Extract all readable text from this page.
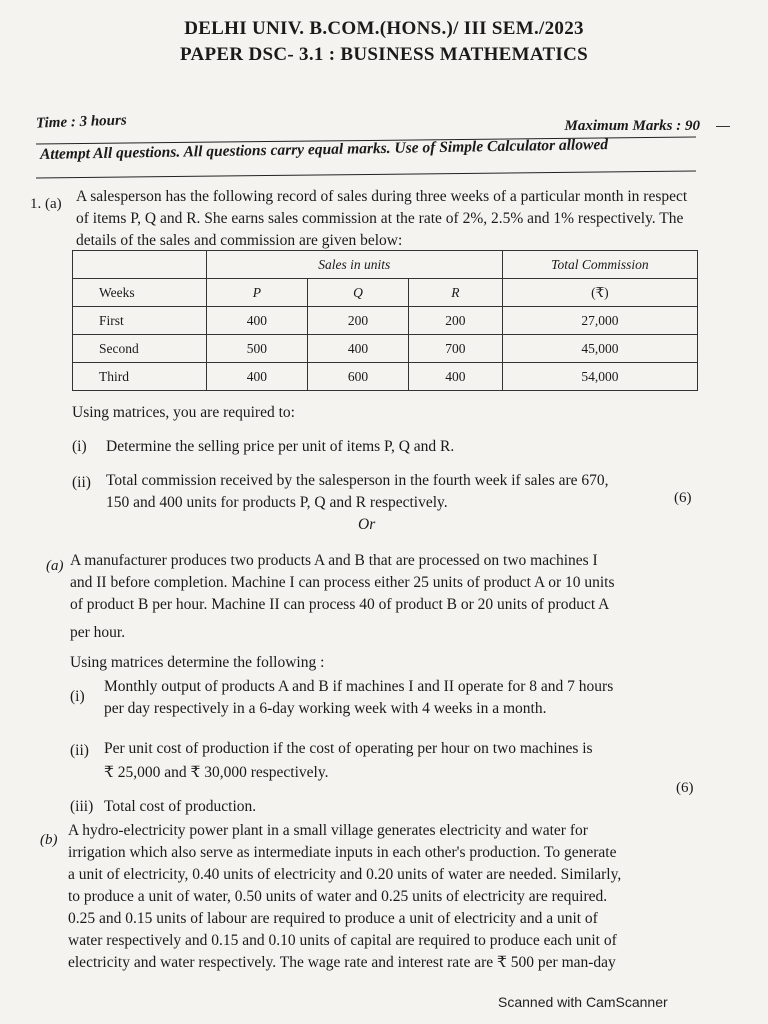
DELHI UNIV. B.COM.(HONS.)/ III SEM./2023
PAPER DSC- 3.1 : BUSINESS MATHEMATICS
Time : 3 hours	Maximum Marks : 90
Attempt All questions. All questions carry equal marks. Use of Simple Calculator allowed
1. (a) A salesperson has the following record of sales during three weeks of a particular month in respect of items P, Q and R. She earns sales commission at the rate of 2%, 2.5% and 1% respectively. The details of the sales and commission are given below:
	Sales in units			Total Commission
Weeks	P	Q	R	(₹)
First	400	200	200	27,000
Second	500	400	700	45,000
Third	400	600	400	54,000
Using matrices, you are required to:
(i) Determine the selling price per unit of items P, Q and R.
(ii) Total commission received by the salesperson in the fourth week if sales are 670,
150 and 400 units for products P, Q and R respectively.	(6)
Or
(a) A manufacturer produces two products A and B that are processed on two machines I
and II before completion. Machine I can process either 25 units of product A or 10 units
of product B per hour. Machine II can process 40 of product B or 20 units of product A
per hour.
Using matrices determine the following :
(i)
Monthly output of products A and B if machines I and II operate for 8 and 7 hours
per day respectively in a 6-day working week with 4 weeks in a month.
(ii) Per unit cost of production if the cost of operating per hour on two machines is
₹ 25,000 and ₹ 30,000 respectively.
(6)
(iii) Total cost of production.
(b)
A hydro-electricity power plant in a small village generates electricity and water for
irrigation which also serve as intermediate inputs in each other's production. To generate
a unit of electricity, 0.40 units of electricity and 0.20 units of water are needed. Similarly,
to produce a unit of water, 0.50 units of water and 0.25 units of electricity are required.
0.25 and 0.15 units of labour are required to produce a unit of electricity and a unit of
water respectively and 0.15 and 0.10 units of capital are required to produce each unit of
electricity and water respectively. The wage rate and interest rate are ₹ 500 per man-day
Scanned with CamScanner
